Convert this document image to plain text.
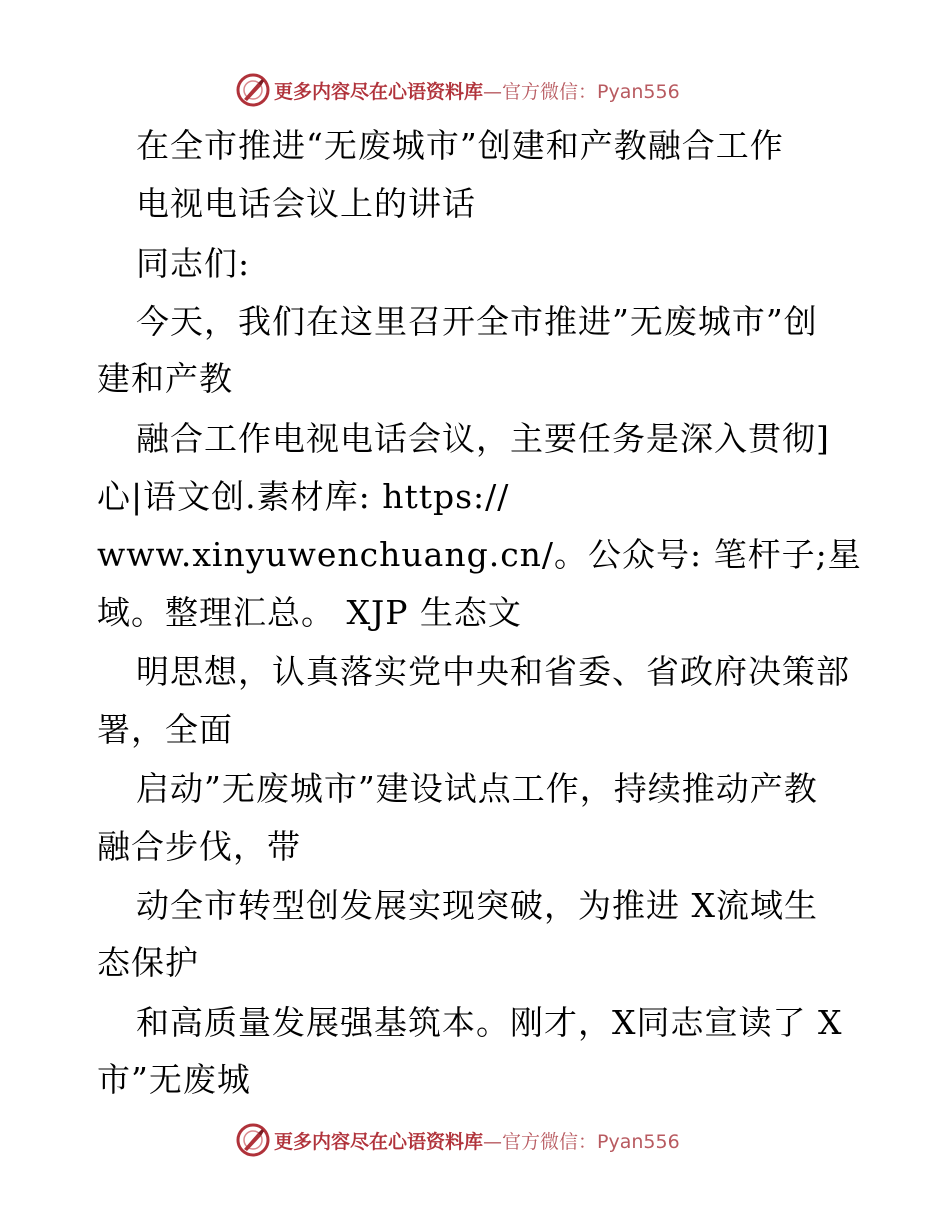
更多内容尽在心语资料库—官方微信：Pyan556
在全市推进“无废城市”创建和产教融合工作
电视电话会议上的讲话
同志们:
今天，我们在这里召开全市推进”无废城市”创
建和产教
融合工作电视电话会议，主要任务是深入贯彻]
心|语文创.素材库: https://
www.xinyuwenchuang.cn/。公众号: 笔杆子;星
域。整理汇总。 XJP 生态文
明思想，认真落实党中央和省委、省政府决策部
署，全面
启动”无废城市”建设试点工作，持续推动产教
融合步伐，带
动全市转型创发展实现突破，为推进 X流域生
态保护
和高质量发展强基筑本。刚才，X同志宣读了 X
市”无废城
更多内容尽在心语资料库—官方微信：Pyan556
